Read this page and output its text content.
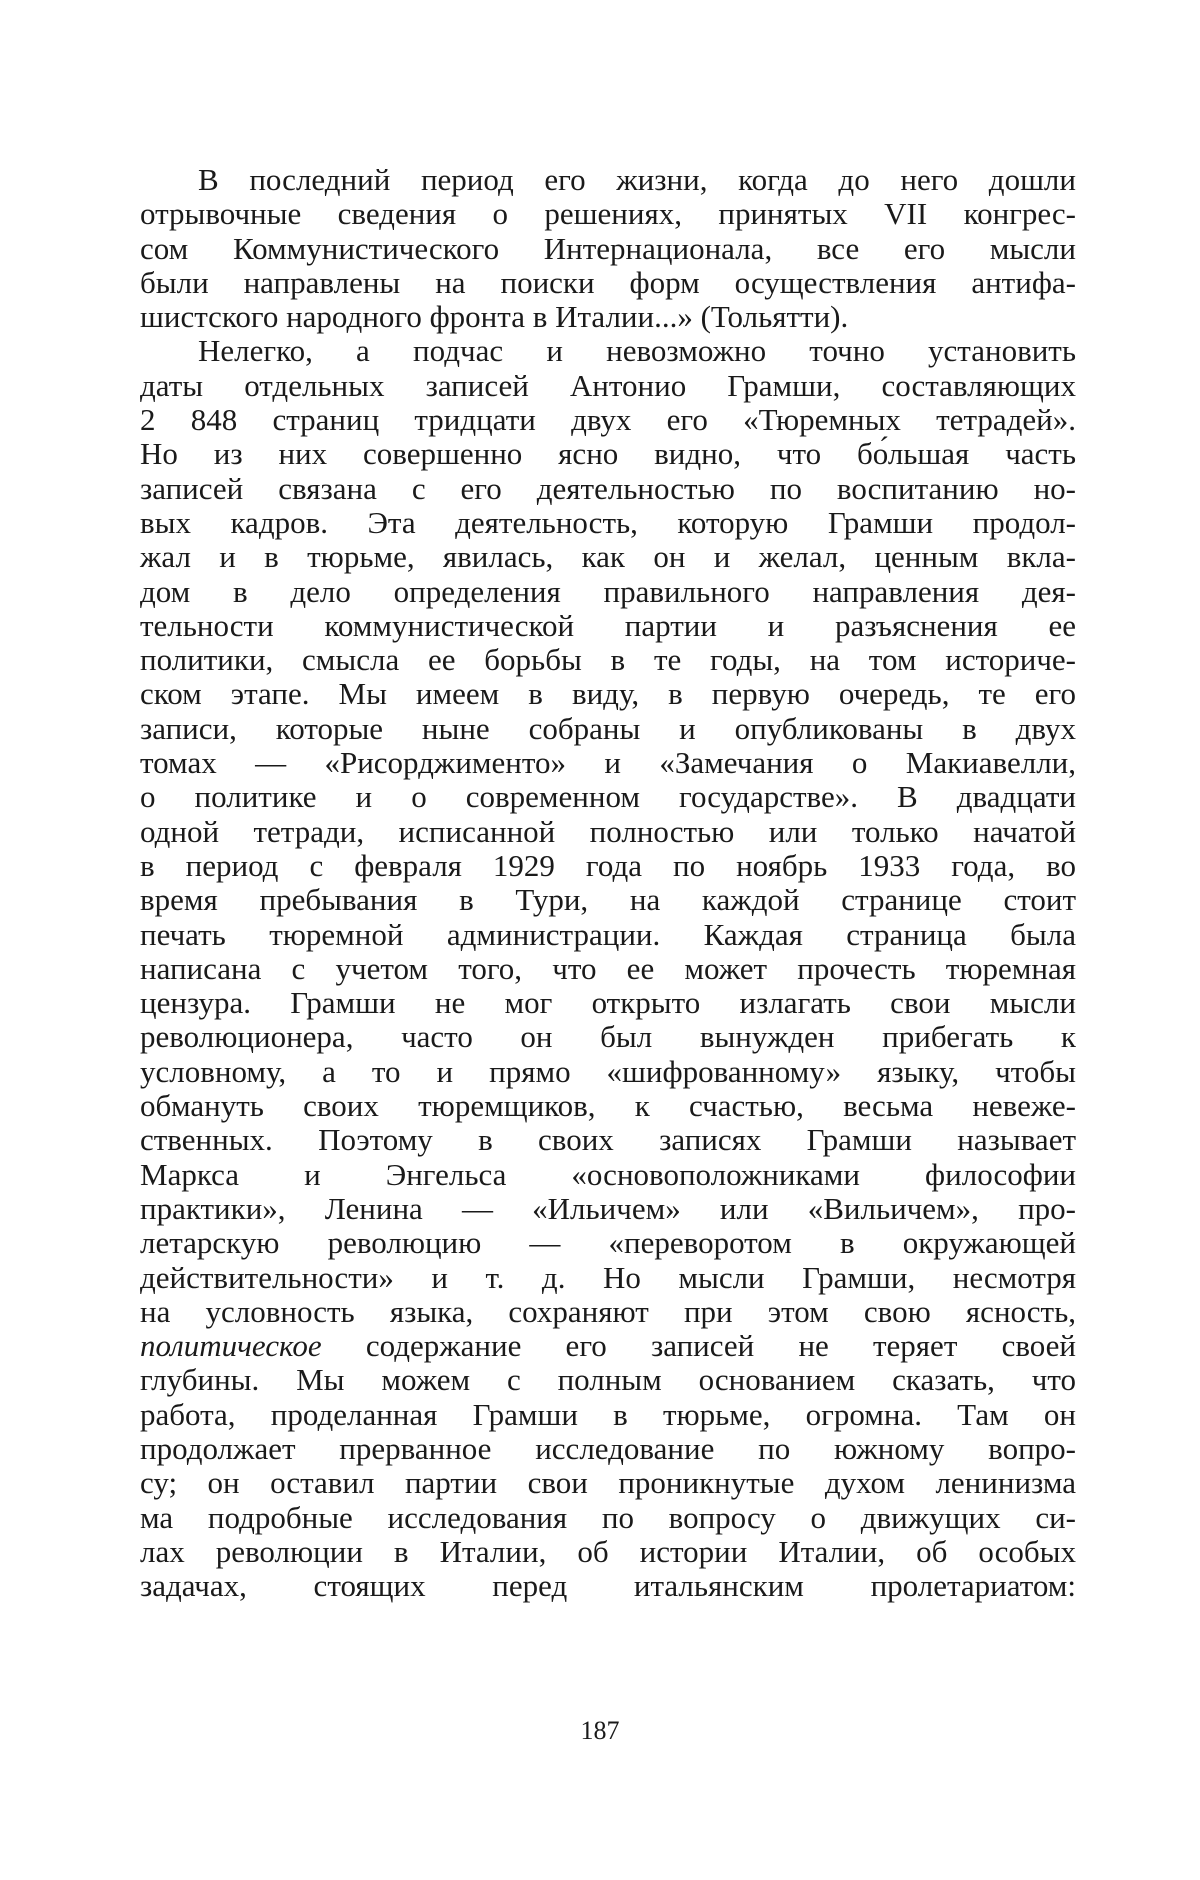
В последний период его жизни, когда до него дошли
отрывочные сведения о решениях, принятых VII конгрес-
сом Коммунистического Интернационала, все его мысли
были направлены на поиски форм осуществления антифа-
шистского народного фронта в Италии...» (Тольятти).
Нелегко, а подчас и невозможно точно установить
даты отдельных записей Антонио Грамши, составляющих
2 848 страниц тридцати двух его «Тюремных тетрадей».
Но из них совершенно ясно видно, что бо́льшая часть
записей связана с его деятельностью по воспитанию но-
вых кадров. Эта деятельность, которую Грамши продол-
жал и в тюрьме, явилась, как он и желал, ценным вкла-
дом в дело определения правильного направления дея-
тельности коммунистической партии и разъяснения ее
политики, смысла ее борьбы в те годы, на том историче-
ском этапе. Мы имеем в виду, в первую очередь, те его
записи, которые ныне собраны и опубликованы в двух
томах — «Рисорджименто» и «Замечания о Макиавелли,
о политике и о современном государстве». В двадцати
одной тетради, исписанной полностью или только начатой
в период с февраля 1929 года по ноябрь 1933 года, во
время пребывания в Тури, на каждой странице стоит
печать тюремной администрации. Каждая страница была
написана с учетом того, что ее может прочесть тюремная
цензура. Грамши не мог открыто излагать свои мысли
революционера, часто он был вынужден прибегать к
условному, а то и прямо «шифрованному» языку, чтобы
обмануть своих тюремщиков, к счастью, весьма невеже-
ственных. Поэтому в своих записях Грамши называет
Маркса и Энгельса «основоположниками философии
практики», Ленина — «Ильичем» или «Вильичем», про-
летарскую революцию — «переворотом в окружающей
действительности» и т. д. Но мысли Грамши, несмотря
на условность языка, сохраняют при этом свою ясность,
политическое содержание его записей не теряет своей
глубины. Мы можем с полным основанием сказать, что
работа, проделанная Грамши в тюрьме, огромна. Там он
продолжает прерванное исследование по южному вопро-
су; он оставил партии свои проникнутые духом ленинизма
ма подробные исследования по вопросу о движущих си-
лах революции в Италии, об истории Италии, об особых
задачах, стоящих перед итальянским пролетариатом:
187
